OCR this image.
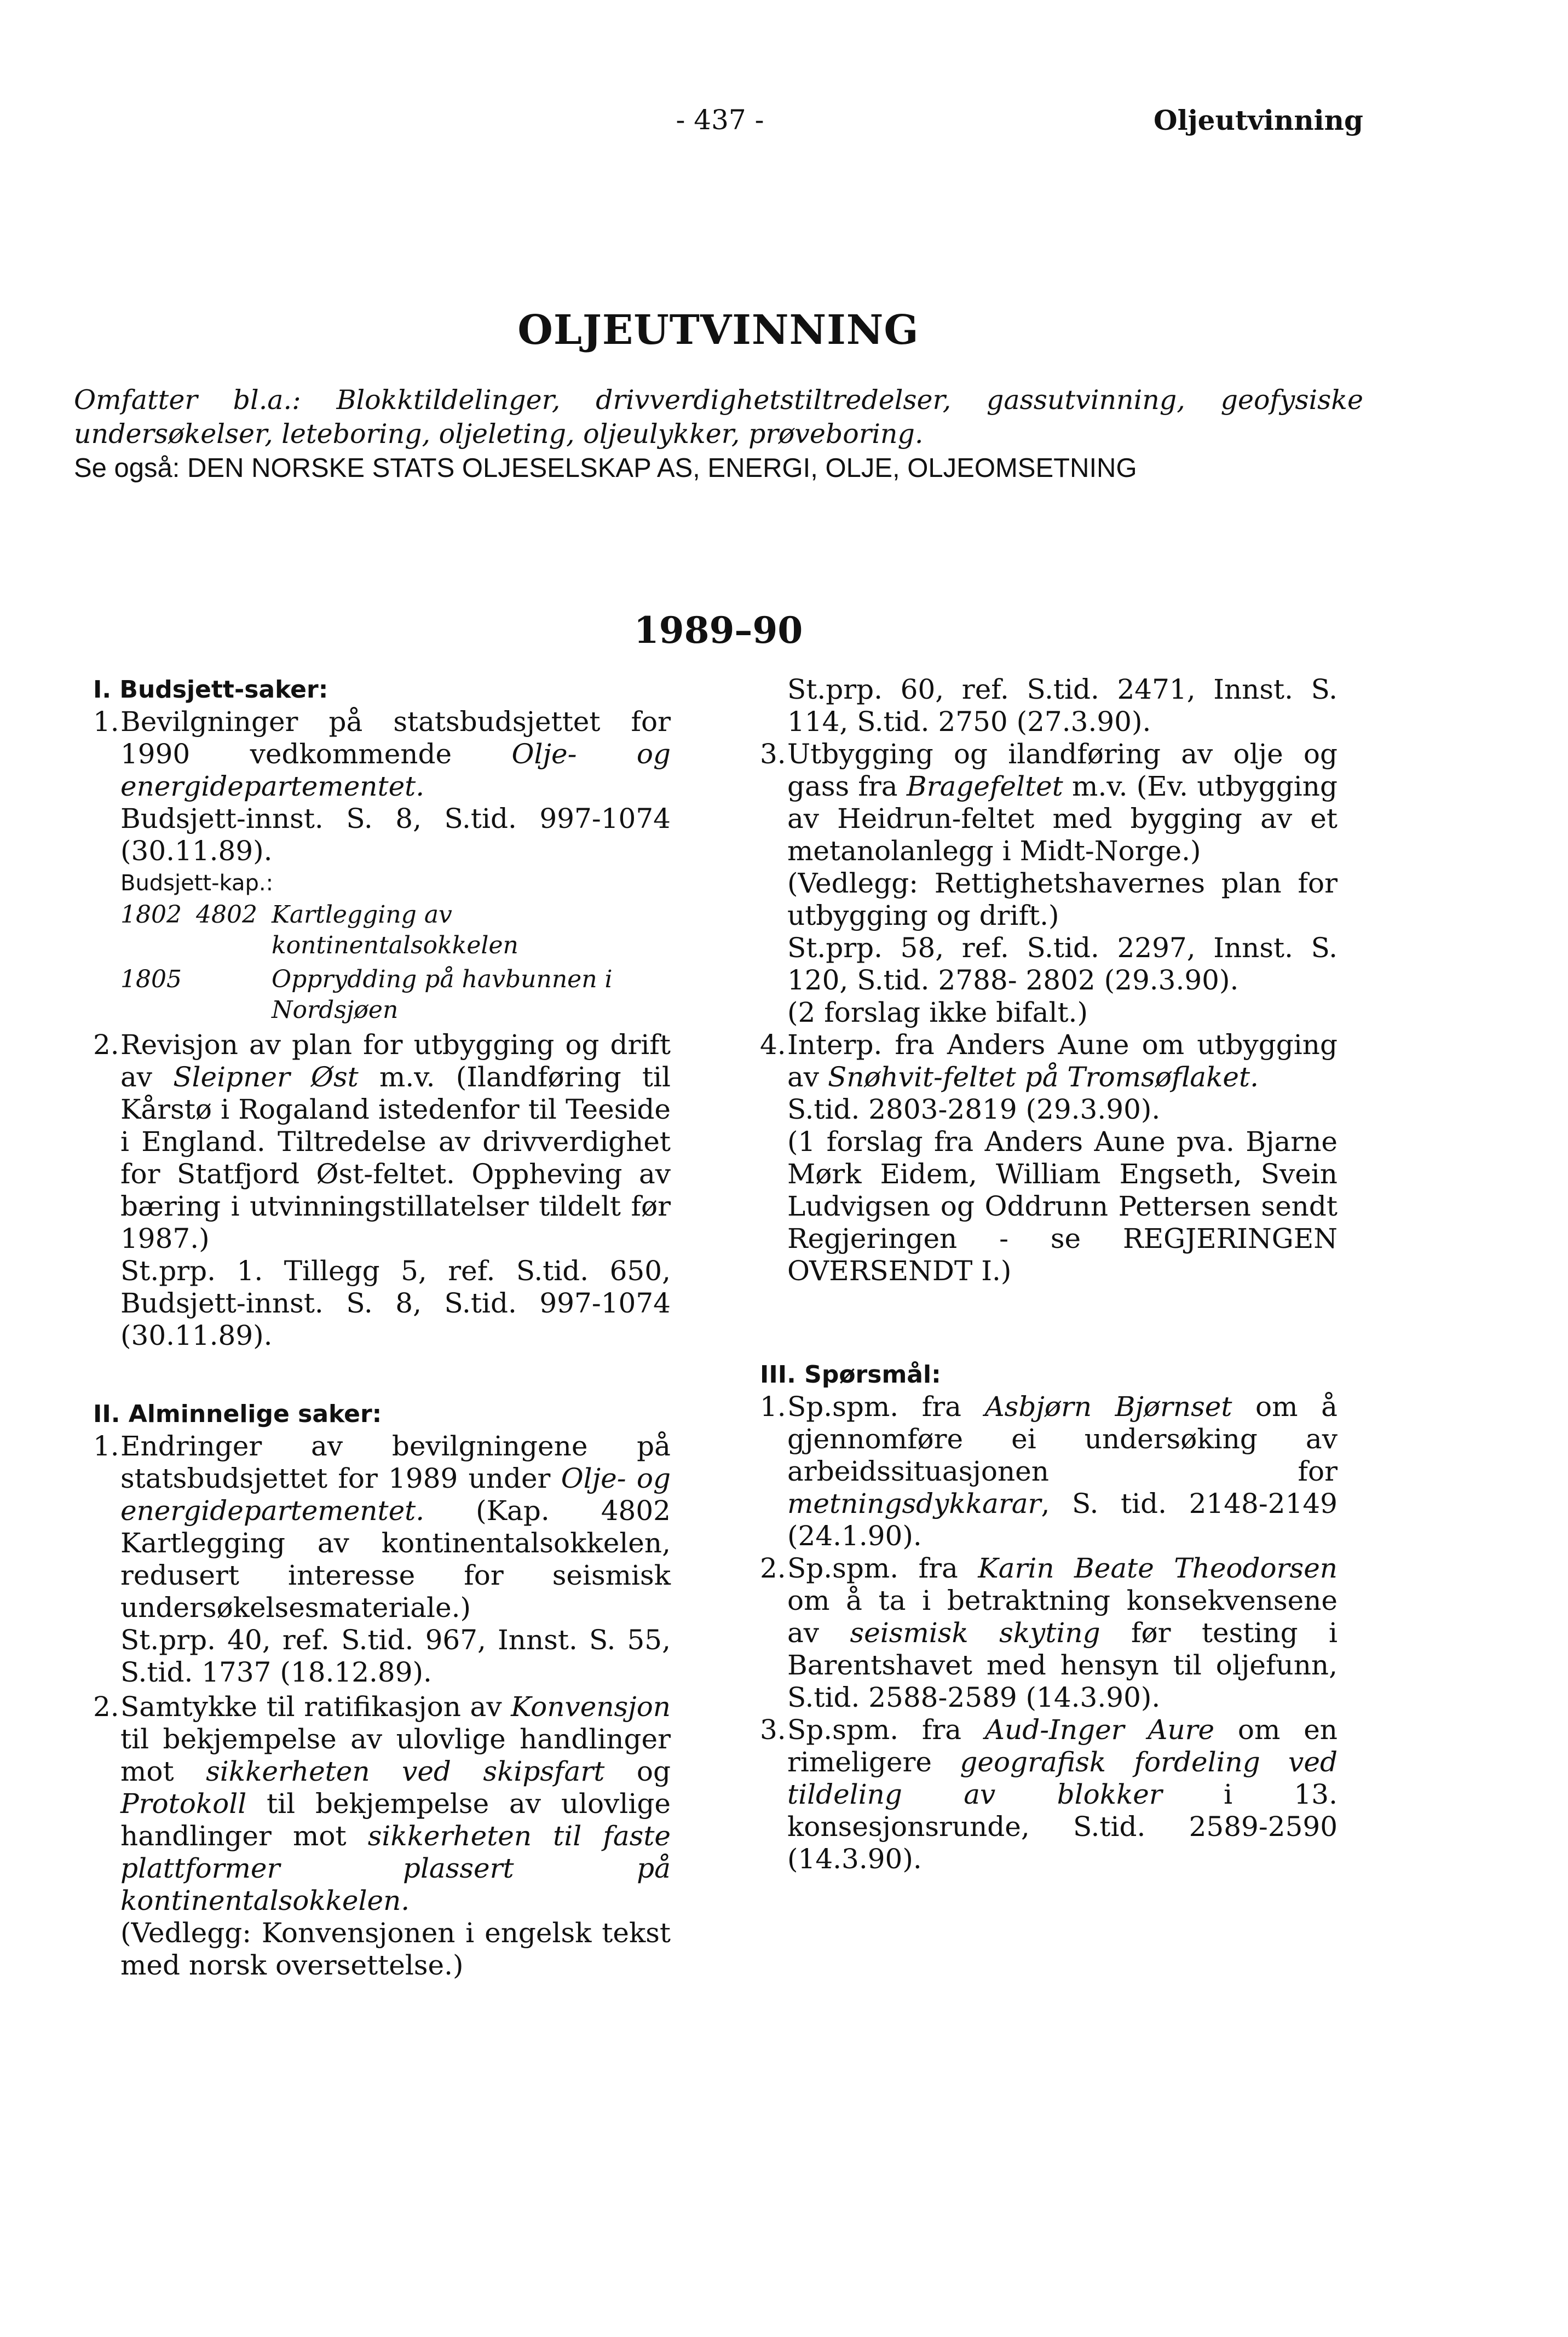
- 437 -	Oljeutvinning
OLJEUTVINNING
Omfatter bl.a.: Blokktildelinger, drivverdighetstiltredelser, gassutvinning, geofysiske undersøkelser, leteboring, oljeleting, oljeulykker, prøveboring.
Se også: DEN NORSKE STATS OLJESELSKAP AS, ENERGI, OLJE, OLJEOMSETNING
1989–90
I. Budsjett-saker:
1. Bevilgninger på statsbudsjettet for 1990 vedkommende Olje- og energidepartementet.
Budsjett-innst. S. 8, S.tid. 997-1074 (30.11.89).
Budsjett-kap.:
1802 4802 Kartlegging av kontinentalsokkelen
1805	Opprydding på havbunnen i Nordsjøen
2. Revisjon av plan for utbygging og drift av Sleipner Øst m.v. (Ilandføring til Kårstø i Rogaland istedenfor til Teeside i England. Tiltredelse av drivverdighet for Statfjord Øst-feltet. Oppheving av bæring i utvinningstillatelser tildelt før 1987.)
St.prp. 1. Tillegg 5, ref. S.tid. 650, Budsjett-innst. S. 8, S.tid. 997-1074 (30.11.89).
II. Alminnelige saker:
1. Endringer av bevilgningene på statsbudsjettet for 1989 under Olje- og energidepartementet. (Kap. 4802 Kartlegging av kontinentalsokkelen, redusert interesse for seismisk undersøkelsesmateriale.)
St.prp. 40, ref. S.tid. 967, Innst. S. 55, S.tid. 1737 (18.12.89).
2. Samtykke til ratifikasjon av Konvensjon til bekjempelse av ulovlige handlinger mot sikkerheten ved skipsfart og Protokoll til bekjempelse av ulovlige handlinger mot sikkerheten til faste plattformer plassert på kontinentalsokkelen.
(Vedlegg: Konvensjonen i engelsk tekst med norsk oversettelse.)
St.prp. 60, ref. S.tid. 2471, Innst. S. 114, S.tid. 2750 (27.3.90).
3. Utbygging og ilandføring av olje og gass fra Bragefeltet m.v. (Ev. utbygging av Heidrun-feltet med bygging av et metanolanlegg i Midt-Norge.)
(Vedlegg: Rettighetshavernes plan for utbygging og drift.)
St.prp. 58, ref. S.tid. 2297, Innst. S. 120, S.tid. 2788- 2802 (29.3.90).
(2 forslag ikke bifalt.)
4. Interp. fra Anders Aune om utbygging av Snøhvit-feltet på Tromsøflaket.
S.tid. 2803-2819 (29.3.90).
(1 forslag fra Anders Aune pva. Bjarne Mørk Eidem, William Engseth, Svein Ludvigsen og Oddrunn Pettersen sendt Regjeringen - se REGJERINGEN OVERSENDT I.)
III. Spørsmål:
1. Sp.spm. fra Asbjørn Bjørnset om å gjennomføre ei undersøking av arbeidssituasjonen for metningsdykkarar, S. tid. 2148-2149 (24.1.90).
2. Sp.spm. fra Karin Beate Theodorsen om å ta i betraktning konsekvensene av seismisk skyting før testing i Barentshavet med hensyn til oljefunn, S.tid. 2588-2589 (14.3.90).
3. Sp.spm. fra Aud-Inger Aure om en rimeligere geografisk fordeling ved tildeling av blokker i 13. konsesjonsrunde, S.tid. 2589-2590 (14.3.90).
